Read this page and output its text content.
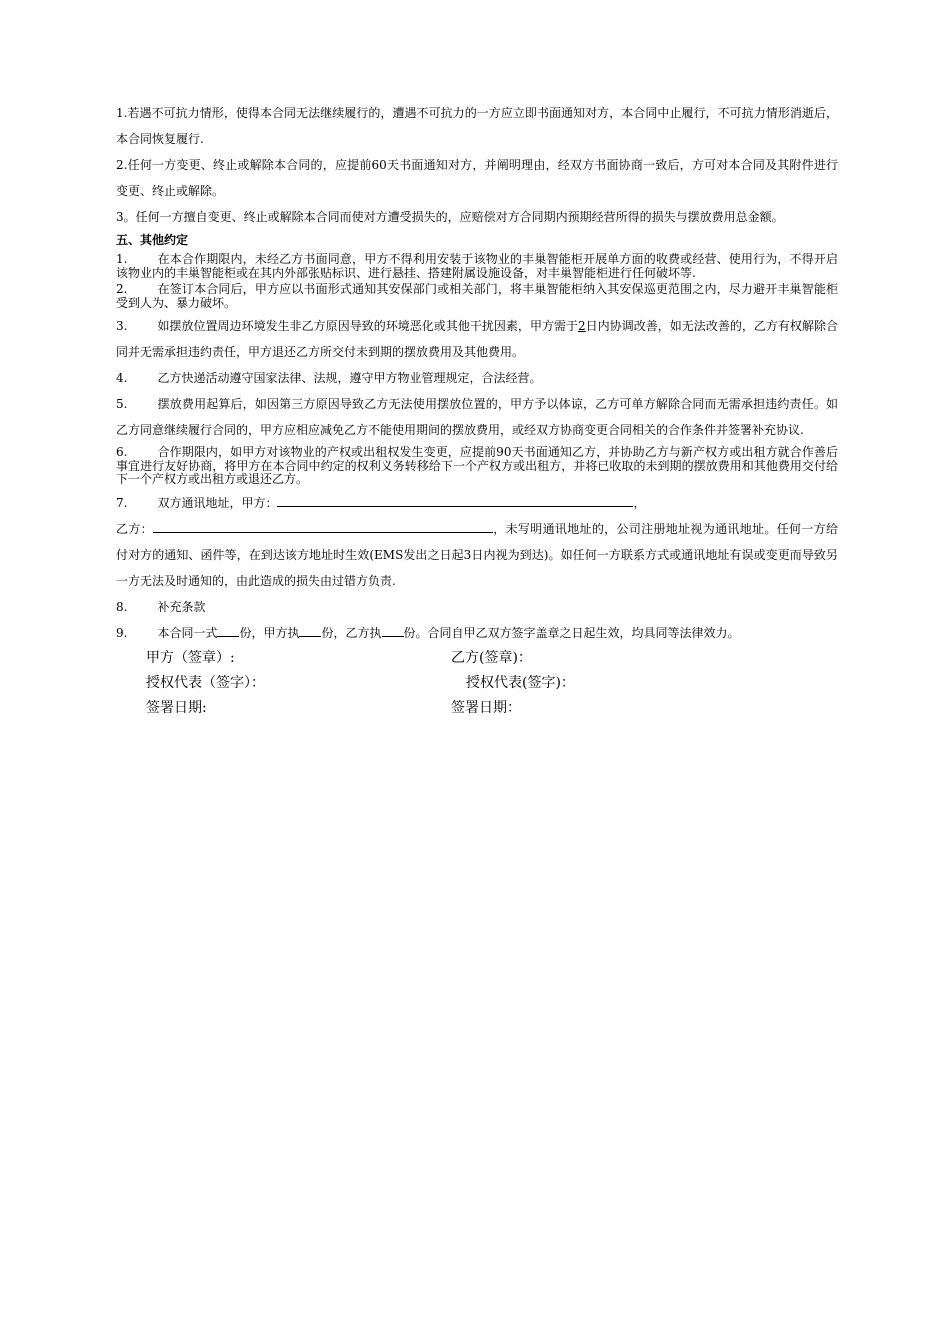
1.若遇不可抗力情形，使得本合同无法继续履行的，遭遇不可抗力的一方应立即书面通知对方，本合同中止履行，不可抗力情形消逝后，本合同恢复履行.

2.任何一方变更、终止或解除本合同的，应提前60天书面通知对方，并阐明理由，经双方书面协商一致后，方可对本合同及其附件进行变更、终止或解除。

3。任何一方擅自变更、终止或解除本合同而使对方遭受损失的，应赔偿对方合同期内预期经营所得的损失与摆放费用总金额。

五、其他约定

1.	在本合作期限内，未经乙方书面同意，甲方不得利用安装于该物业的丰巢智能柜开展单方面的收费或经营、使用行为，不得开启该物业内的丰巢智能柜或在其内外部张贴标识、进行悬挂、搭建附属设施设备，对丰巢智能柜进行任何破坏等.

2.	在签订本合同后，甲方应以书面形式通知其安保部门或相关部门，将丰巢智能柜纳入其安保巡更范围之内，尽力避开丰巢智能柜受到人为、暴力破坏。

3.	如摆放位置周边环境发生非乙方原因导致的环境恶化或其他干扰因素，甲方需于2日内协调改善，如无法改善的，乙方有权解除合同并无需承担违约责任，甲方退还乙方所交付未到期的摆放费用及其他费用。

4.	乙方快递活动遵守国家法律、法规，遵守甲方物业管理规定，合法经营。

5.	摆放费用起算后，如因第三方原因导致乙方无法使用摆放位置的，甲方予以体谅，乙方可单方解除合同而无需承担违约责任。如乙方同意继续履行合同的，甲方应相应减免乙方不能使用期间的摆放费用，或经双方协商变更合同相关的合作条件并签署补充协议.

6.	合作期限内，如甲方对该物业的产权或出租权发生变更，应提前90天书面通知乙方，并协助乙方与新产权方或出租方就合作善后事宜进行友好协商，将甲方在本合同中约定的权利义务转移给下一个产权方或出租方，并将已收取的未到期的摆放费用和其他费用交付给下一个产权方或出租方或退还乙方。

7.	双方通讯地址，甲方：	，

乙方：	，未写明通讯地址的，公司注册地址视为通讯地址。任何一方给付对方的通知、函件等，在到达该方地址时生效(EMS发出之日起3日内视为到达)。如任何一方联系方式或通讯地址有误或变更而导致另一方无法及时通知的，由此造成的损失由过错方负责.

8.	补充条款

9.	本合同一式 份，甲方执 份，乙方执 份。合同自甲乙双方签字盖章之日起生效，均具同等法律效力。

甲方（签章）:	乙方(签章)：
授权代表（签字）：	授权代表(签字)：
签署日期:	签署日期：
